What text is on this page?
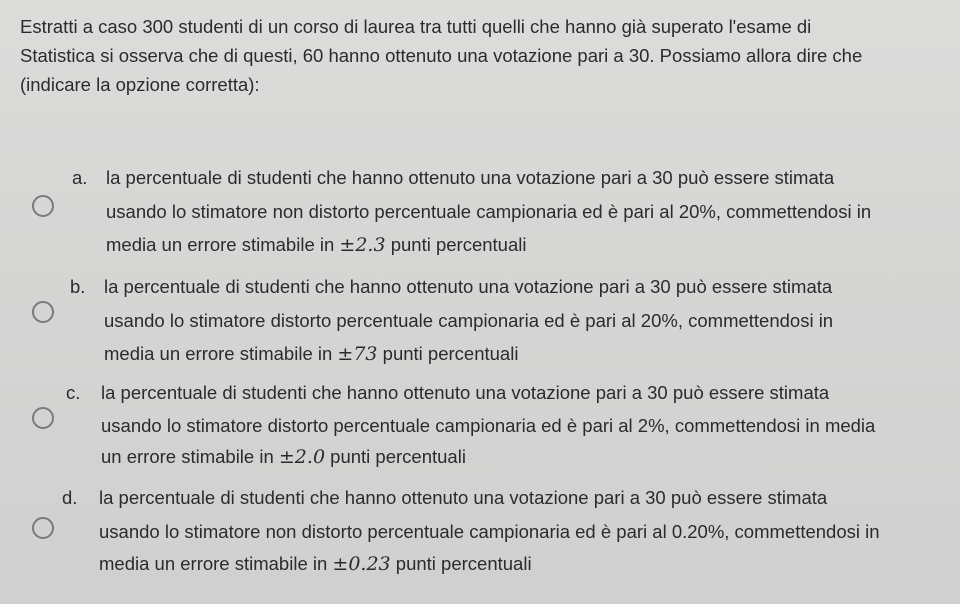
Estratti a caso 300 studenti di un corso di laurea tra tutti quelli che hanno già superato l'esame di
Statistica si osserva che di questi, 60 hanno ottenuto una votazione pari a 30. Possiamo allora dire che
(indicare la opzione corretta):
a. la percentuale di studenti che hanno ottenuto una votazione pari a 30 può essere stimata
usando lo stimatore non distorto percentuale campionaria ed è pari al 20%, commettendosi in
media un errore stimabile in ±2.3 punti percentuali
b. la percentuale di studenti che hanno ottenuto una votazione pari a 30 può essere stimata
usando lo stimatore distorto percentuale campionaria ed è pari al 20%, commettendosi in
media un errore stimabile in ±73 punti percentuali
c. la percentuale di studenti che hanno ottenuto una votazione pari a 30 può essere stimata
usando lo stimatore distorto percentuale campionaria ed è pari al 2%, commettendosi in media
un errore stimabile in ±2.0 punti percentuali
d. la percentuale di studenti che hanno ottenuto una votazione pari a 30 può essere stimata
usando lo stimatore non distorto percentuale campionaria ed è pari al 0.20%, commettendosi in
media un errore stimabile in ±0.23 punti percentuali
